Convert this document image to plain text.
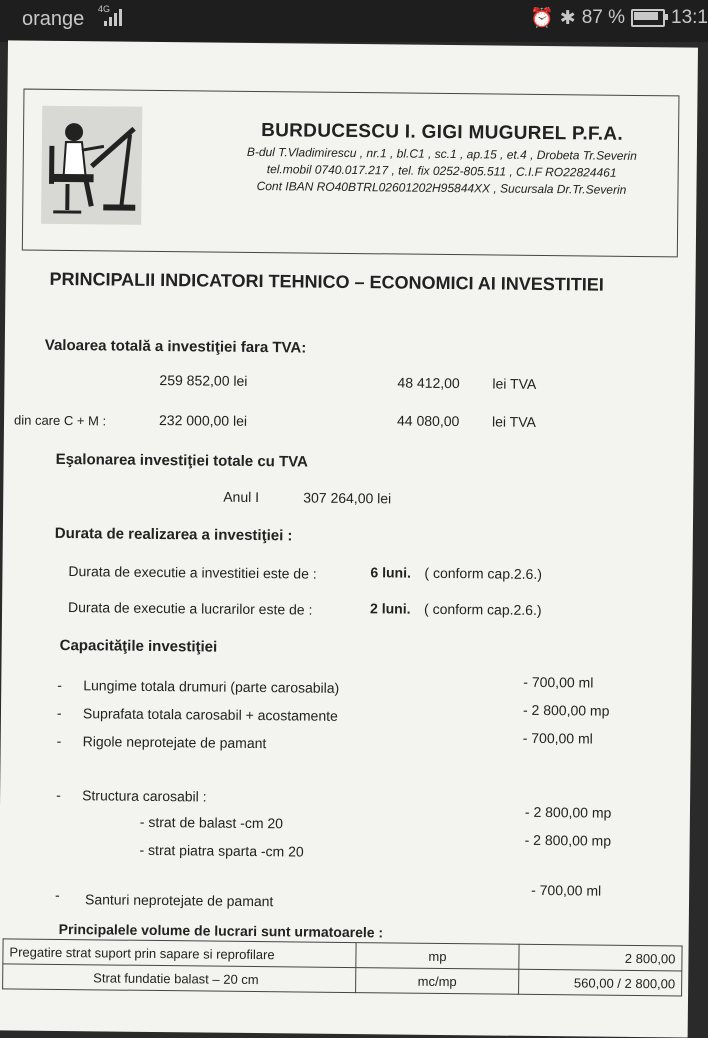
orange 4G	⏰ ✱ 87 % 13:1
BURDUCESCU I. GIGI MUGUREL P.F.A.
B-dul T.Vladimirescu , nr.1 , bl.C1 , sc.1 , ap.15 , et.4 , Drobeta Tr.Severin
tel.mobil 0740.017.217 , tel. fix 0252-805.511 , C.I.F RO22824461
Cont IBAN RO40BTRL02601202H95844XX , Sucursala Dr.Tr.Severin
PRINCIPALII INDICATORI TEHNICO – ECONOMICI AI INVESTITIEI
Valoarea totală a investiţiei fara TVA:
259 852,00 lei	48 412,00 lei TVA
din care C + M :	232 000,00 lei	44 080,00 lei TVA
Eşalonarea investiţiei totale cu TVA
Anul I	307 264,00 lei
Durata de realizarea a investiţiei :
Durata de executie a investitiei este de :	6 luni. ( conform cap.2.6.)
Durata de executie a lucrarilor este de :	2 luni. ( conform cap.2.6.)
Capacităţile investiţiei
- Lungime totala drumuri (parte carosabila)	- 700,00 ml
- Suprafata totala carosabil + acostamente	- 2 800,00 mp
- Rigole neprotejate de pamant	- 700,00 ml
- Structura carosabil :
- strat de balast -cm 20
- 2 800,00 mp
- strat piatra sparta -cm 20
- 2 800,00 mp
- Santuri neprotejate de pamant
- 700,00 ml
Principalele volume de lucrari sunt urmatoarele :
Pregatire strat suport prin sapare si reprofilare	mp	2 800,00
Strat fundatie balast – 20 cm	mc/mp	560,00 / 2 800,00
